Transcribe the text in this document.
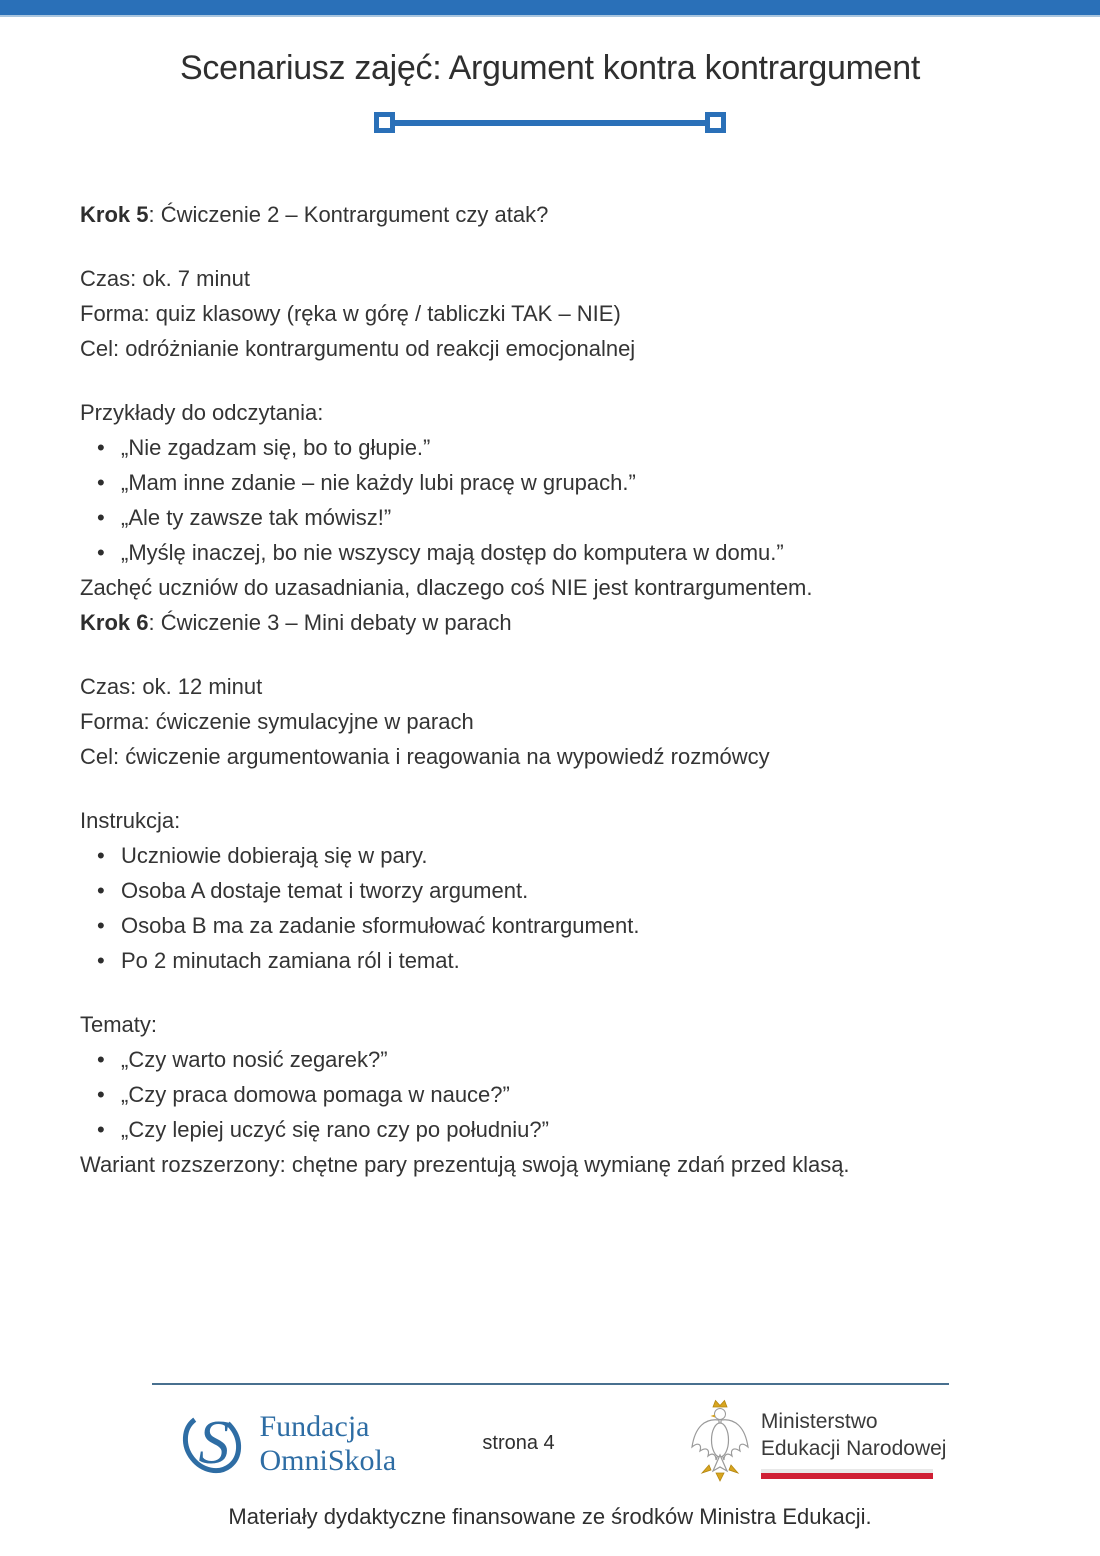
Scenariusz zajęć: Argument kontra kontrargument

Krok 5: Ćwiczenie 2 – Kontrargument czy atak?

Czas: ok. 7 minut

Forma: quiz klasowy (ręka w górę / tabliczki TAK – NIE)

Cel: odróżnianie kontrargumentu od reakcji emocjonalnej

Przykłady do odczytania:

• „Nie zgadzam się, bo to głupie.”
• „Mam inne zdanie – nie każdy lubi pracę w grupach.”
• „Ale ty zawsze tak mówisz!”
• „Myślę inaczej, bo nie wszyscy mają dostęp do komputera w domu.”

Zachęć uczniów do uzasadniania, dlaczego coś NIE jest kontrargumentem.

Krok 6: Ćwiczenie 3 – Mini debaty w parach

Czas: ok. 12 minut

Forma: ćwiczenie symulacyjne w parach

Cel: ćwiczenie argumentowania i reagowania na wypowiedź rozmówcy

Instrukcja:

• Uczniowie dobierają się w pary.
• Osoba A dostaje temat i tworzy argument.
• Osoba B ma za zadanie sformułować kontrargument.
• Po 2 minutach zamiana ról i temat.

Tematy:

• „Czy warto nosić zegarek?”
• „Czy praca domowa pomaga w nauce?”
• „Czy lepiej uczyć się rano czy po południu?”

Wariant rozszerzony: chętne pary prezentują swoją wymianę zdań przed klasą.

S Fundacja
OmniSkola
strona 4
Ministerstwo
Edukacji Narodowej
Materiały dydaktyczne finansowane ze środków Ministra Edukacji.
